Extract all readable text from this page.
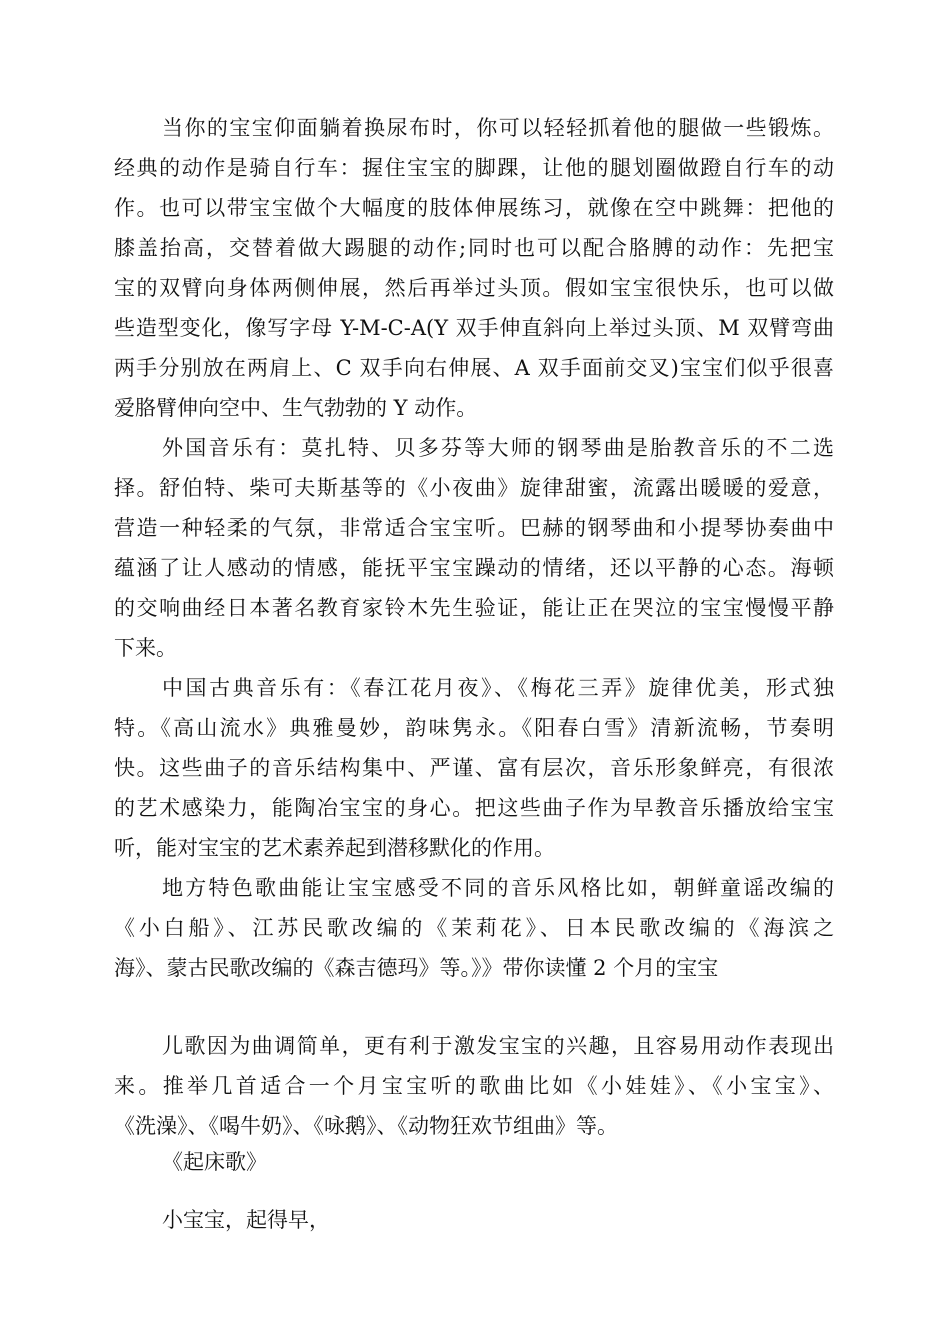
当你的宝宝仰面躺着换尿布时，你可以轻轻抓着他的腿做一些锻炼。
经典的动作是骑自行车：握住宝宝的脚踝，让他的腿划圈做蹬自行车的动
作。也可以带宝宝做个大幅度的肢体伸展练习，就像在空中跳舞：把他的
膝盖抬高，交替着做大踢腿的动作;同时也可以配合胳膊的动作：先把宝
宝的双臂向身体两侧伸展，然后再举过头顶。假如宝宝很快乐，也可以做
些造型变化，像写字母 Y-M-C-A(Y 双手伸直斜向上举过头顶、M 双臂弯曲
两手分别放在两肩上、C 双手向右伸展、A 双手面前交叉)宝宝们似乎很喜
爱胳臂伸向空中、生气勃勃的 Y 动作。
外国音乐有：莫扎特、贝多芬等大师的钢琴曲是胎教音乐的不二选
择。舒伯特、柴可夫斯基等的《小夜曲》旋律甜蜜，流露出暖暖的爱意，
营造一种轻柔的气氛，非常适合宝宝听。巴赫的钢琴曲和小提琴协奏曲中
蕴涵了让人感动的情感，能抚平宝宝躁动的情绪，还以平静的心态。海顿
的交响曲经日本著名教育家铃木先生验证，能让正在哭泣的宝宝慢慢平静
下来。
中国古典音乐有：《春江花月夜》、《梅花三弄》旋律优美，形式独
特。《高山流水》典雅曼妙，韵味隽永。《阳春白雪》清新流畅，节奏明
快。这些曲子的音乐结构集中、严谨、富有层次，音乐形象鲜亮，有很浓
的艺术感染力，能陶冶宝宝的身心。把这些曲子作为早教音乐播放给宝宝
听，能对宝宝的艺术素养起到潜移默化的作用。
地方特色歌曲能让宝宝感受不同的音乐风格比如，朝鲜童谣改编的
《小白船》、江苏民歌改编的《茉莉花》、日本民歌改编的《海滨之
海》、蒙古民歌改编的《森吉德玛》等。》》带你读懂 2 个月的宝宝
儿歌因为曲调简单，更有利于激发宝宝的兴趣，且容易用动作表现出
来。推举几首适合一个月宝宝听的歌曲比如《小娃娃》、《小宝宝》、
《洗澡》、《喝牛奶》、《咏鹅》、《动物狂欢节组曲》等。
《起床歌》
小宝宝，起得早，
